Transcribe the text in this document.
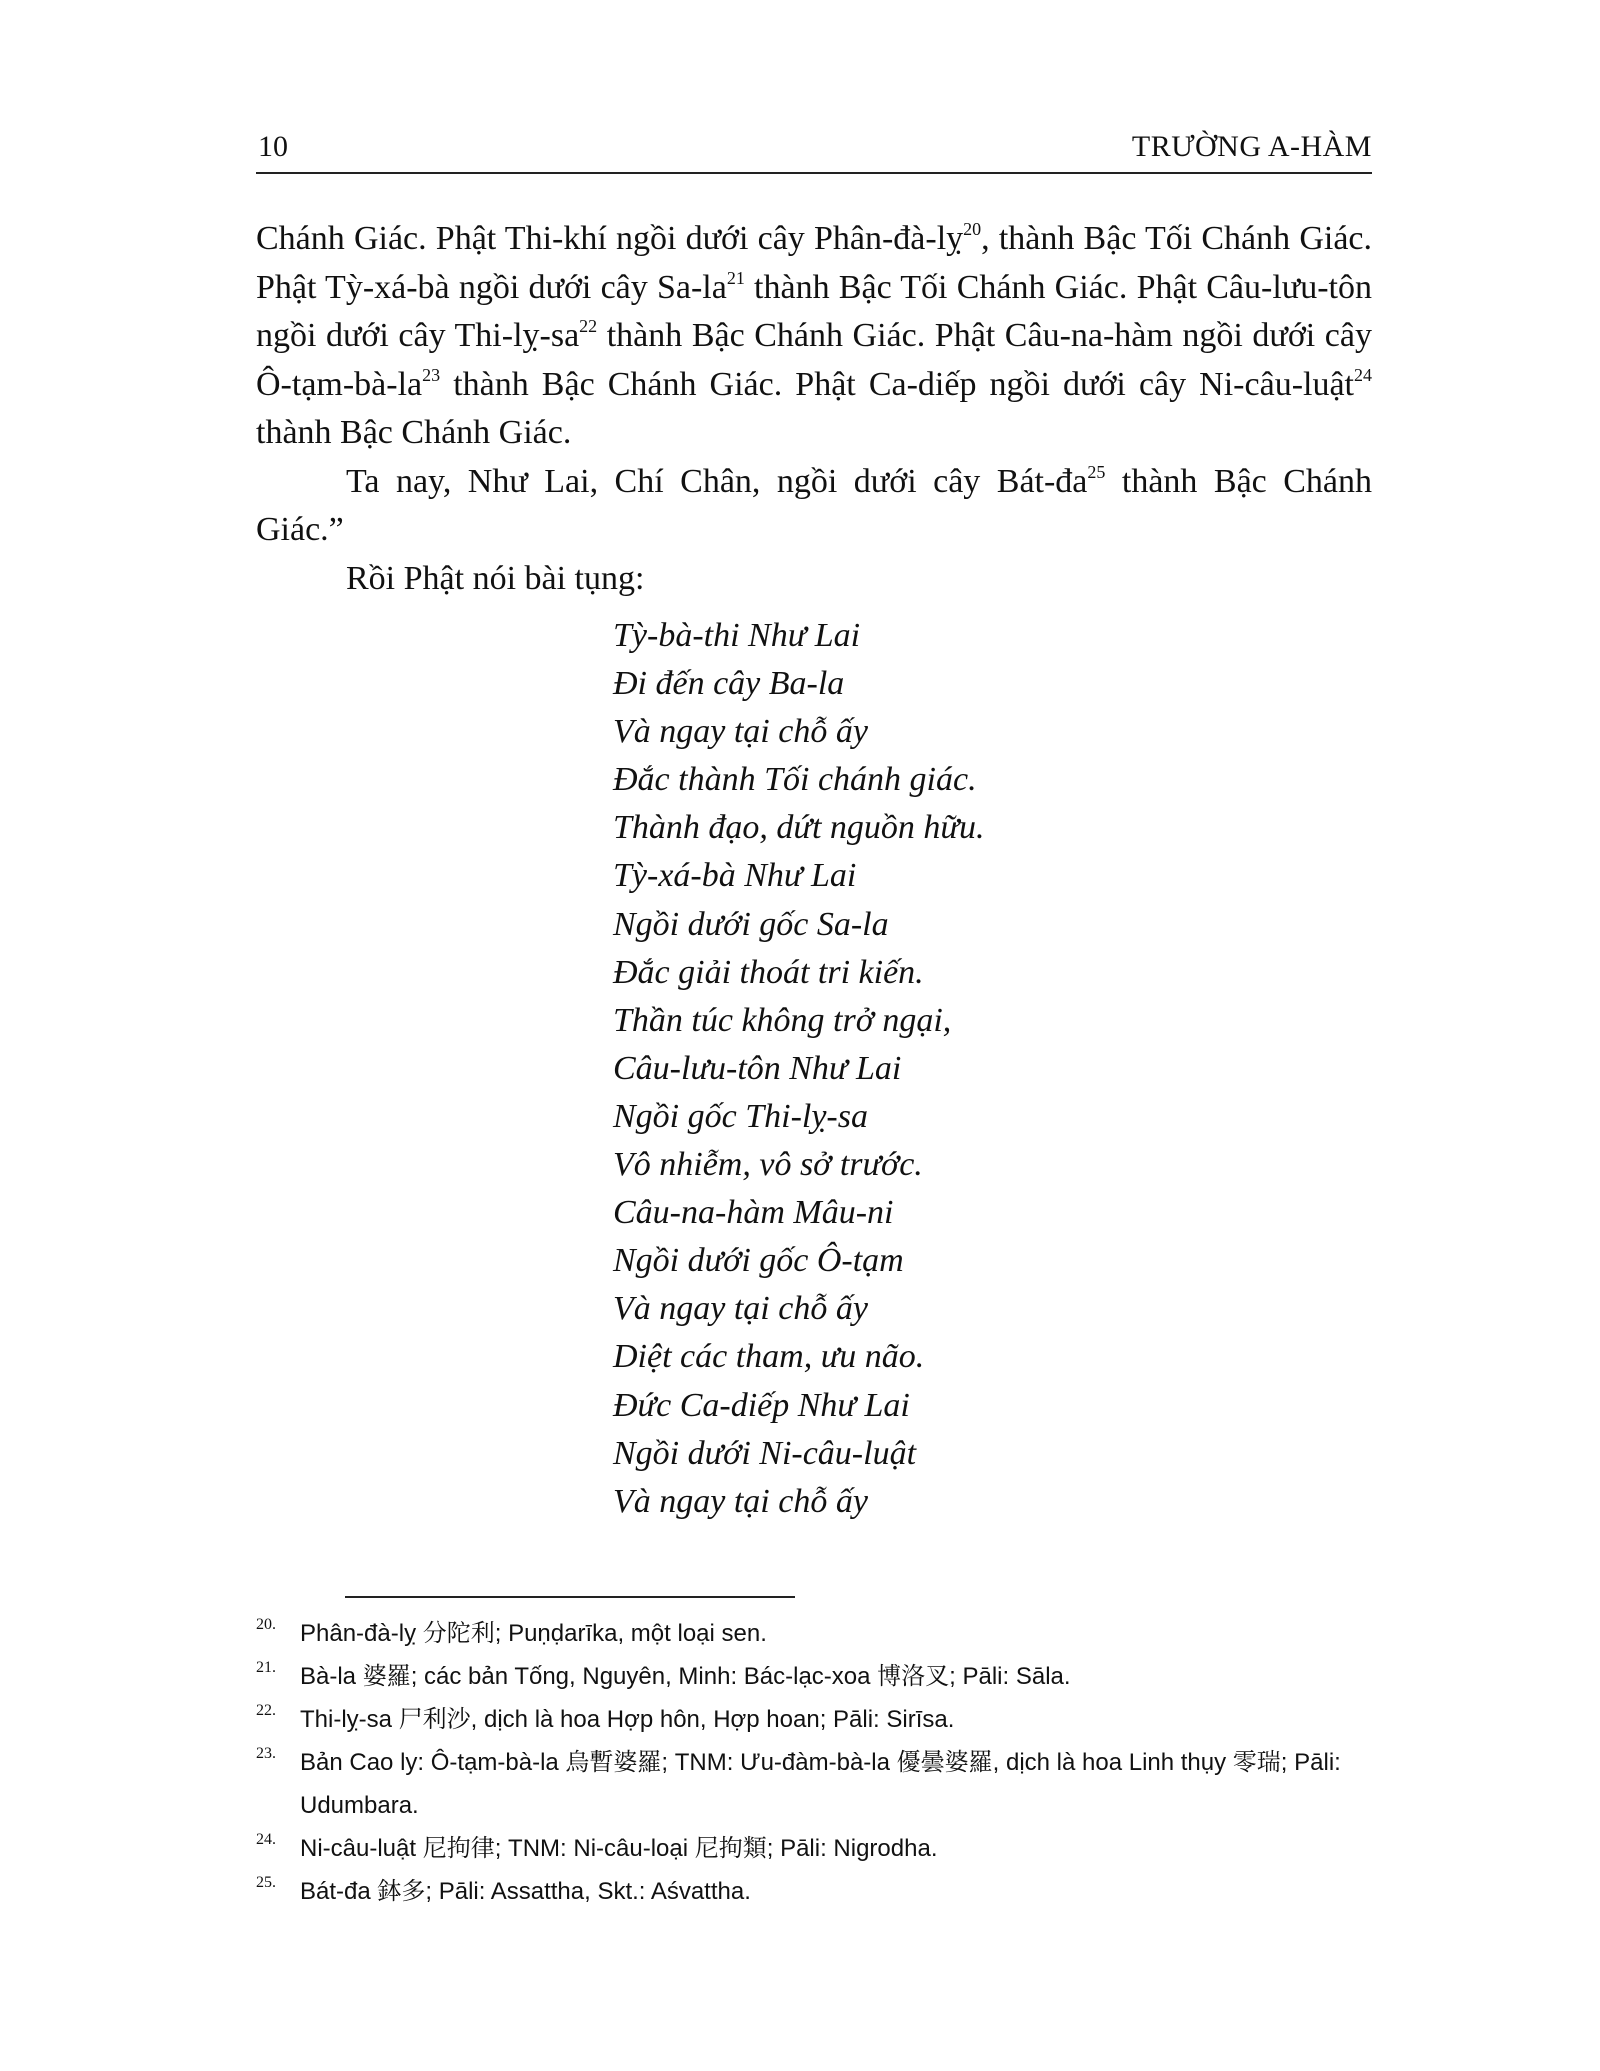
10	TRƯỜNG A-HÀM

Chánh Giác. Phật Thi-khí ngồi dưới cây Phân-đà-lỵ$^{20}$, thành Bậc Tối Chánh Giác. Phật Tỳ-xá-bà ngồi dưới cây $Sa-la^{21}$ thành Bậc Tối Chánh Giác. Phật Câu-lưu-tôn ngồi dưới cây Thi-$lỵ-sa^{22}$ thành Bậc Chánh Giác. Phật Câu-na-hàm ngồi dưới cây $Ô-tạm-bà-la^{23}$ thành Bậc Chánh Giác. Phật Ca-diếp ngồi dưới cây Ni-câu-luật$^{24}$ thành Bậc Chánh Giác.

Ta nay, Như Lai, Chí Chân, ngồi dưới cây Bát-$đa^{25}$ thành Bậc Chánh Giác.”

Rồi Phật nói bài tụng:

Tỳ-bà-thi Như Lai
Đi đến cây Ba-la
Và ngay tại chỗ ấy
Đắc thành Tối chánh giác.
Thành đạo, dứt nguồn hữu.
Tỳ-xá-bà Như Lai
Ngồi dưới gốc Sa-la
Đắc giải thoát tri kiến.
Thần túc không trở ngại,
Câu-lưu-tôn Như Lai
Ngồi gốc Thi-lỵ-sa
Vô nhiễm, vô sở trước.
Câu-na-hàm Mâu-ni
Ngồi dưới gốc Ô-tạm
Và ngay tại chỗ ấy
Diệt các tham, ưu não.
Đức Ca-diếp Như Lai
Ngồi dưới Ni-câu-luật
Và ngay tại chỗ ấy
20. Phân-đà-lỵ 分陀利; Puṇḍarīka, một loại sen.
21. Bà-la 婆羅; các bản Tống, Nguyên, Minh: Bác-lạc-xoa 博洛叉; Pāli: Sāla.
22. Thi-lỵ-sa 尸利沙, dịch là hoa Hợp hôn, Hợp hoan; Pāli: Sirīsa.
23. Bản Cao ly: Ô-tạm-bà-la 烏暫婆羅; TNM: Ưu-đàm-bà-la 優曇婆羅, dịch là hoa Linh thụy 零瑞; Pāli: Udumbara.
24. Ni-câu-luật 尼拘律; TNM: Ni-câu-loại 尼拘類; Pāli: Nigrodha.
25. Bát-đa 鉢多; Pāli: Assattha, Skt.: Aśvattha.
